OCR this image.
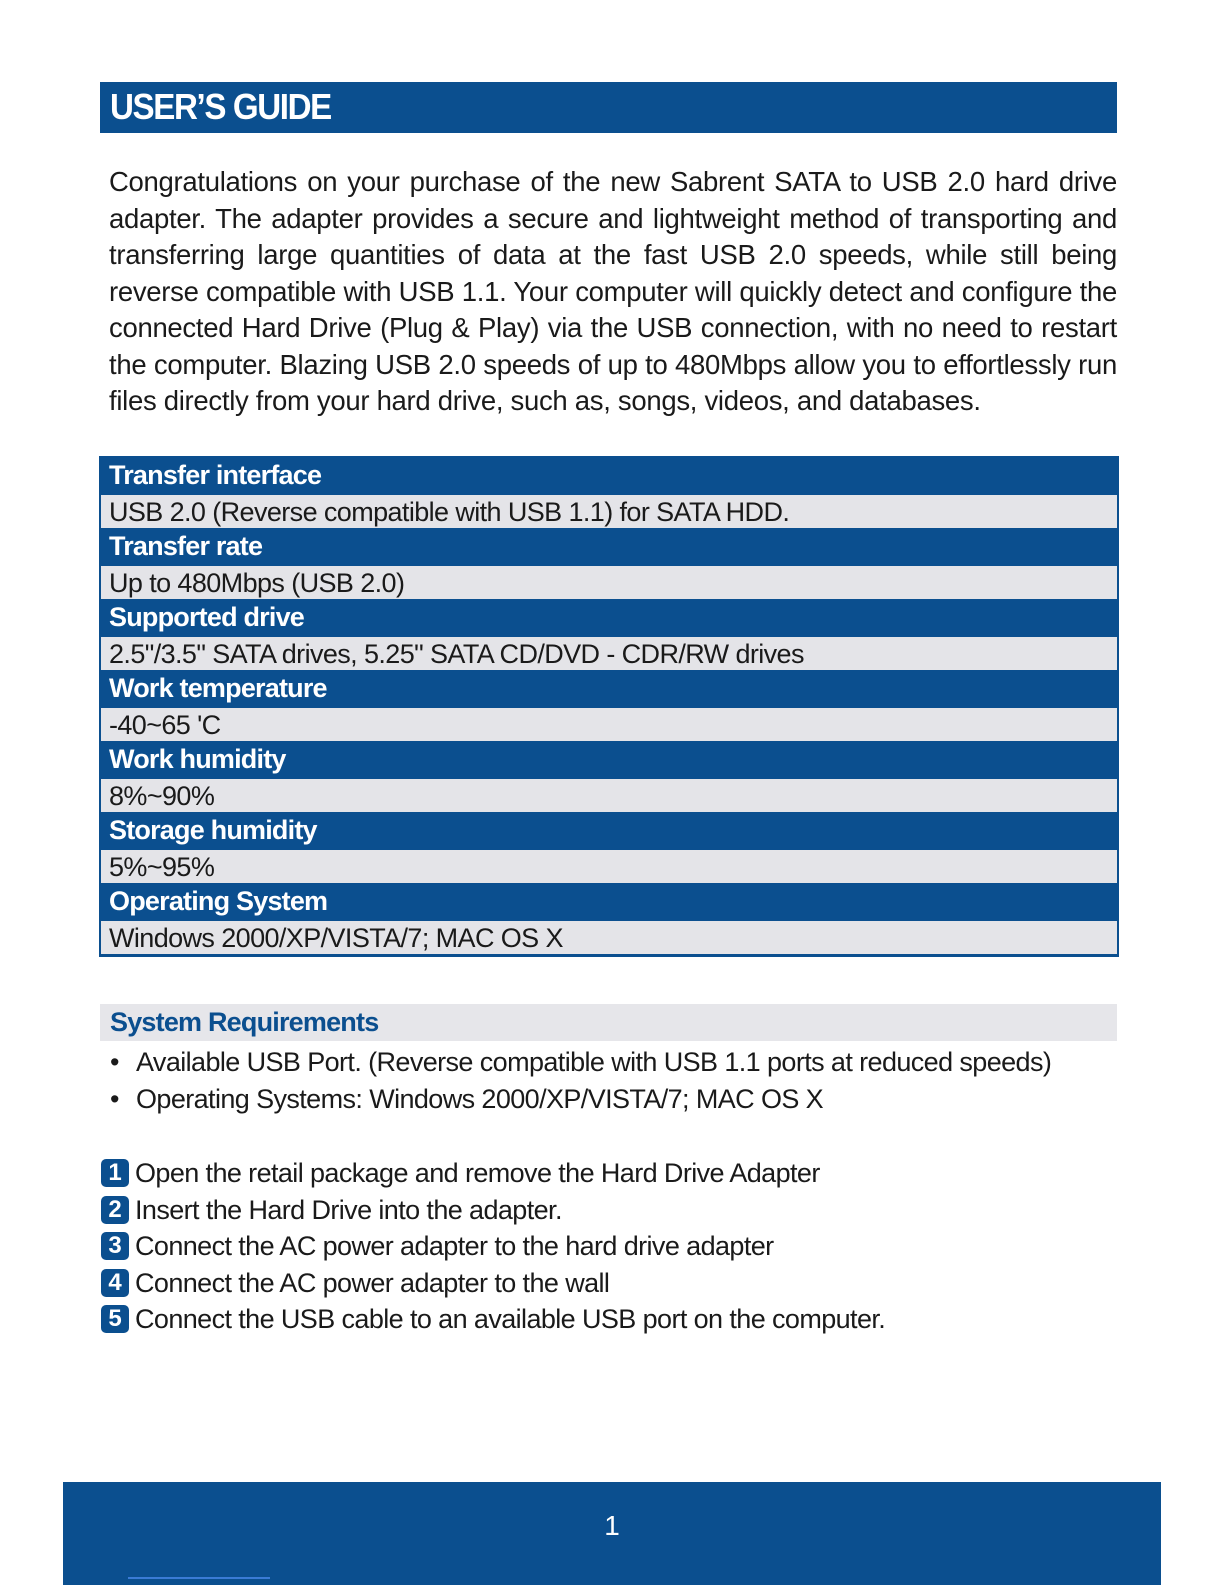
USER’S GUIDE
Congratulations on your purchase of the new Sabrent SATA to USB 2.0 hard drive adapter. The adapter provides a secure and lightweight method of transporting and transferring large quantities of data at the fast USB 2.0 speeds, while still being reverse compatible with USB 1.1. Your computer will quickly detect and configure the connected Hard Drive (Plug & Play) via the USB connection, with no need to restart the computer. Blazing USB 2.0 speeds of up to 480Mbps allow you to effortlessly run files directly from your hard drive, such as, songs, videos, and databases.
Transfer interface
USB 2.0 (Reverse compatible with USB 1.1) for SATA HDD.
Transfer rate
Up to 480Mbps (USB 2.0)
Supported drive
2.5"/3.5" SATA drives, 5.25" SATA CD/DVD - CDR/RW drives
Work temperature
-40~65 'C
Work humidity
8%~90%
Storage humidity
5%~95%
Operating System
Windows 2000/XP/VISTA/7; MAC OS X
System Requirements
• Available USB Port. (Reverse compatible with USB 1.1 ports at reduced speeds)
• Operating Systems: Windows 2000/XP/VISTA/7; MAC OS X
1 Open the retail package and remove the Hard Drive Adapter
2 Insert the Hard Drive into the adapter.
3 Connect the AC power adapter to the hard drive adapter
4 Connect the AC power adapter to the wall
5 Connect the USB cable to an available USB port on the computer.
1
